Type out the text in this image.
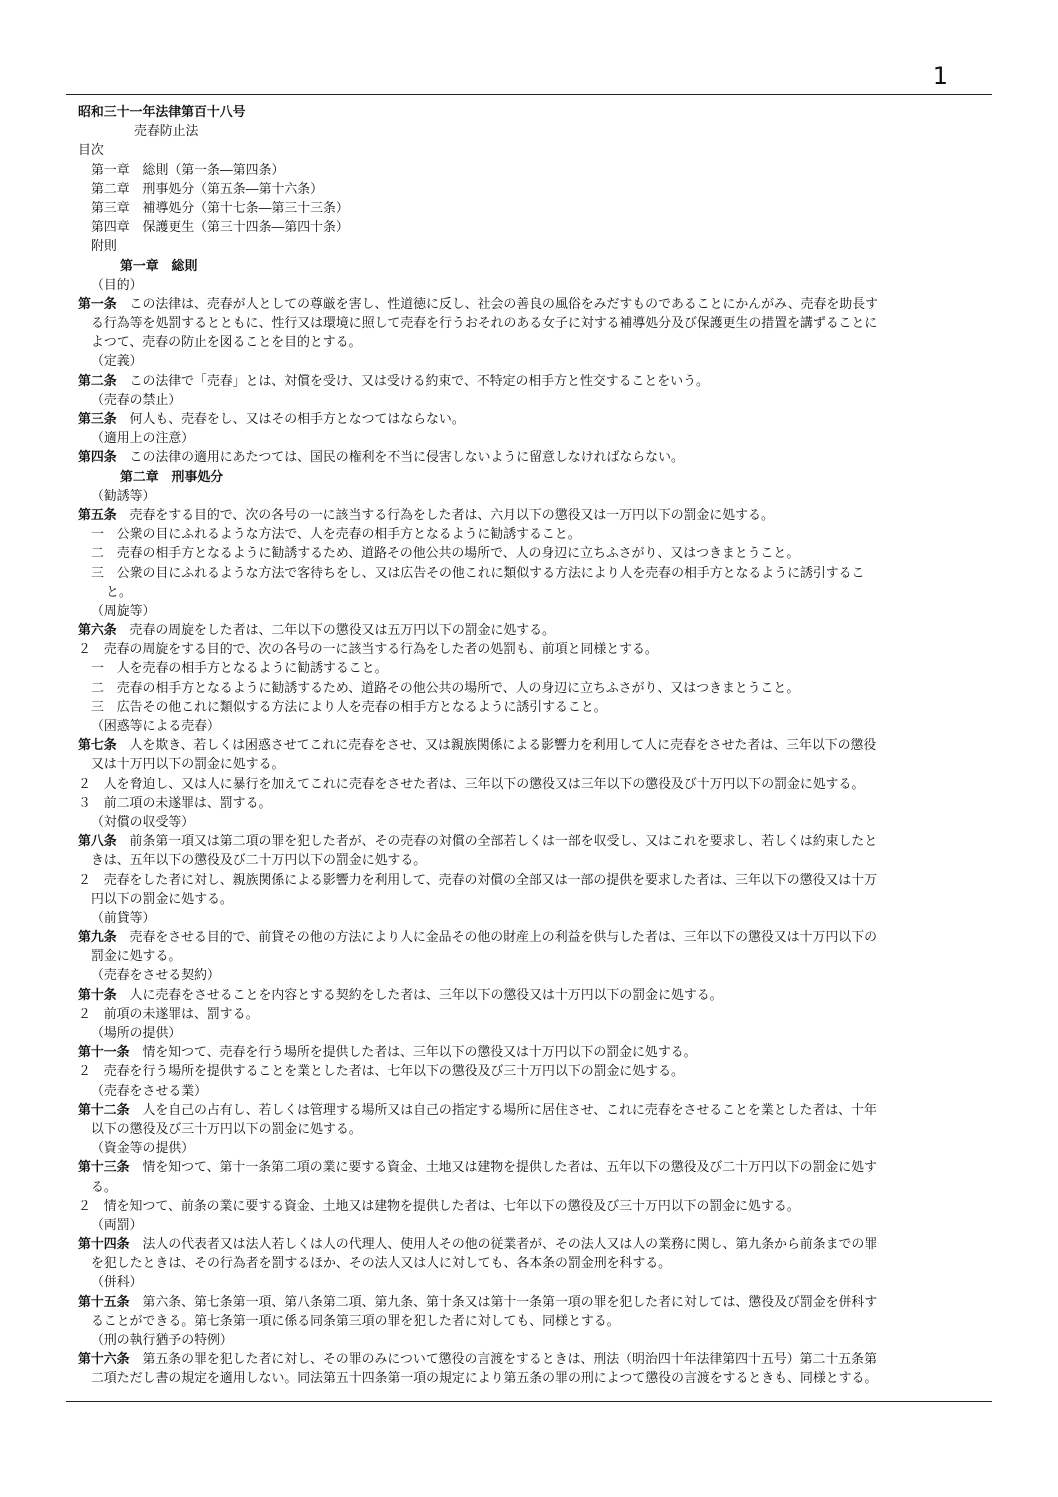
1
昭和三十一年法律第百十八号
売春防止法
目次
第一章　総則（第一条―第四条）
第二章　刑事処分（第五条―第十六条）
第三章　補導処分（第十七条―第三十三条）
第四章　保護更生（第三十四条―第四十条）
附則
第一章　総則
（目的）
第一条　この法律は、売春が人としての尊厳を害し、性道徳に反し、社会の善良の風俗をみだすものであることにかんがみ、売春を助長す
る行為等を処罰するとともに、性行又は環境に照して売春を行うおそれのある女子に対する補導処分及び保護更生の措置を講ずることに
よつて、売春の防止を図ることを目的とする。
（定義）
第二条　この法律で「売春」とは、対償を受け、又は受ける約束で、不特定の相手方と性交することをいう。
（売春の禁止）
第三条　何人も、売春をし、又はその相手方となつてはならない。
（適用上の注意）
第四条　この法律の適用にあたつては、国民の権利を不当に侵害しないように留意しなければならない。
第二章　刑事処分
（勧誘等）
第五条　売春をする目的で、次の各号の一に該当する行為をした者は、六月以下の懲役又は一万円以下の罰金に処する。
一　公衆の目にふれるような方法で、人を売春の相手方となるように勧誘すること。
二　売春の相手方となるように勧誘するため、道路その他公共の場所で、人の身辺に立ちふさがり、又はつきまとうこと。
三　公衆の目にふれるような方法で客待ちをし、又は広告その他これに類似する方法により人を売春の相手方となるように誘引するこ
と。
（周旋等）
第六条　売春の周旋をした者は、二年以下の懲役又は五万円以下の罰金に処する。
２　売春の周旋をする目的で、次の各号の一に該当する行為をした者の処罰も、前項と同様とする。
一　人を売春の相手方となるように勧誘すること。
二　売春の相手方となるように勧誘するため、道路その他公共の場所で、人の身辺に立ちふさがり、又はつきまとうこと。
三　広告その他これに類似する方法により人を売春の相手方となるように誘引すること。
（困惑等による売春）
第七条　人を欺き、若しくは困惑させてこれに売春をさせ、又は親族関係による影響力を利用して人に売春をさせた者は、三年以下の懲役
又は十万円以下の罰金に処する。
２　人を脅迫し、又は人に暴行を加えてこれに売春をさせた者は、三年以下の懲役又は三年以下の懲役及び十万円以下の罰金に処する。
３　前二項の未遂罪は、罰する。
（対償の収受等）
第八条　前条第一項又は第二項の罪を犯した者が、その売春の対償の全部若しくは一部を収受し、又はこれを要求し、若しくは約束したと
きは、五年以下の懲役及び二十万円以下の罰金に処する。
２　売春をした者に対し、親族関係による影響力を利用して、売春の対償の全部又は一部の提供を要求した者は、三年以下の懲役又は十万
円以下の罰金に処する。
（前貸等）
第九条　売春をさせる目的で、前貸その他の方法により人に金品その他の財産上の利益を供与した者は、三年以下の懲役又は十万円以下の
罰金に処する。
（売春をさせる契約）
第十条　人に売春をさせることを内容とする契約をした者は、三年以下の懲役又は十万円以下の罰金に処する。
２　前項の未遂罪は、罰する。
（場所の提供）
第十一条　情を知つて、売春を行う場所を提供した者は、三年以下の懲役又は十万円以下の罰金に処する。
２　売春を行う場所を提供することを業とした者は、七年以下の懲役及び三十万円以下の罰金に処する。
（売春をさせる業）
第十二条　人を自己の占有し、若しくは管理する場所又は自己の指定する場所に居住させ、これに売春をさせることを業とした者は、十年
以下の懲役及び三十万円以下の罰金に処する。
（資金等の提供）
第十三条　情を知つて、第十一条第二項の業に要する資金、土地又は建物を提供した者は、五年以下の懲役及び二十万円以下の罰金に処す
る。
２　情を知つて、前条の業に要する資金、土地又は建物を提供した者は、七年以下の懲役及び三十万円以下の罰金に処する。
（両罰）
第十四条　法人の代表者又は法人若しくは人の代理人、使用人その他の従業者が、その法人又は人の業務に関し、第九条から前条までの罪
を犯したときは、その行為者を罰するほか、その法人又は人に対しても、各本条の罰金刑を科する。
（併科）
第十五条　第六条、第七条第一項、第八条第二項、第九条、第十条又は第十一条第一項の罪を犯した者に対しては、懲役及び罰金を併科す
ることができる。第七条第一項に係る同条第三項の罪を犯した者に対しても、同様とする。
（刑の執行猶予の特例）
第十六条　第五条の罪を犯した者に対し、その罪のみについて懲役の言渡をするときは、刑法（明治四十年法律第四十五号）第二十五条第
二項ただし書の規定を適用しない。同法第五十四条第一項の規定により第五条の罪の刑によつて懲役の言渡をするときも、同様とする。
